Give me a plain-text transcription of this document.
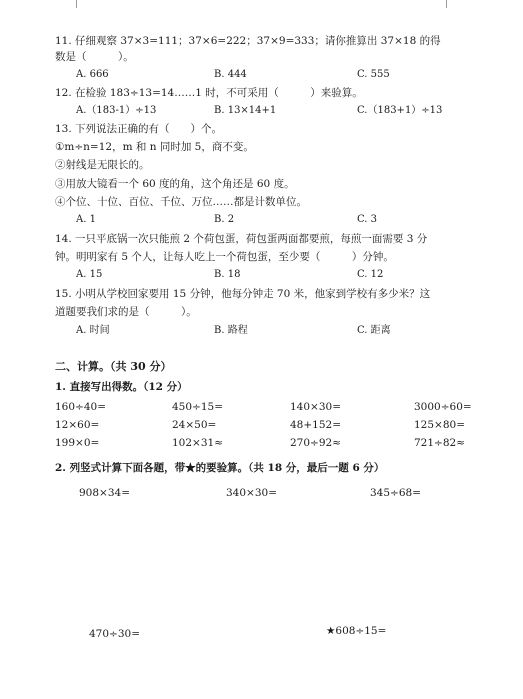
11. 仔细观察 37×3=111；37×6=222；37×9=333；请你推算出 37×18 的得
数是（　　　）。
A. 666	B. 444	C. 555
12. 在检验 183÷13=14……1 时，不可采用（　　　）来验算。
A.（183-1）÷13	B. 13×14+1	C.（183+1）÷13
13. 下列说法正确的有（　　）个。
①m÷n=12，m 和 n 同时加 5，商不变。
②射线是无限长的。
③用放大镜看一个 60 度的角，这个角还是 60 度。
④个位、十位、百位、千位、万位……都是计数单位。
A. 1	B. 2	C. 3
14. 一只平底锅一次只能煎 2 个荷包蛋，荷包蛋两面都要煎，每煎一面需要 3 分
钟。明明家有 5 个人，让每人吃上一个荷包蛋，至少要（　　　）分钟。
A. 15	B. 18	C. 12
15. 小明从学校回家要用 15 分钟，他每分钟走 70 米，他家到学校有多少米？这
道题要我们求的是（　　　）。
A. 时间	B. 路程	C. 距离
二、计算。（共 30 分）
1. 直接写出得数。（12 分）
160÷40=	450÷15=	140×30=	3000÷60=
12×60=	24×50=	48+152=	125×80=
199×0=	102×31≈	270÷92≈	721÷82≈
2. 列竖式计算下面各题，带★的要验算。（共 18 分，最后一题 6 分）
908×34=	340×30=	345÷68=
470÷30=	★608÷15=
